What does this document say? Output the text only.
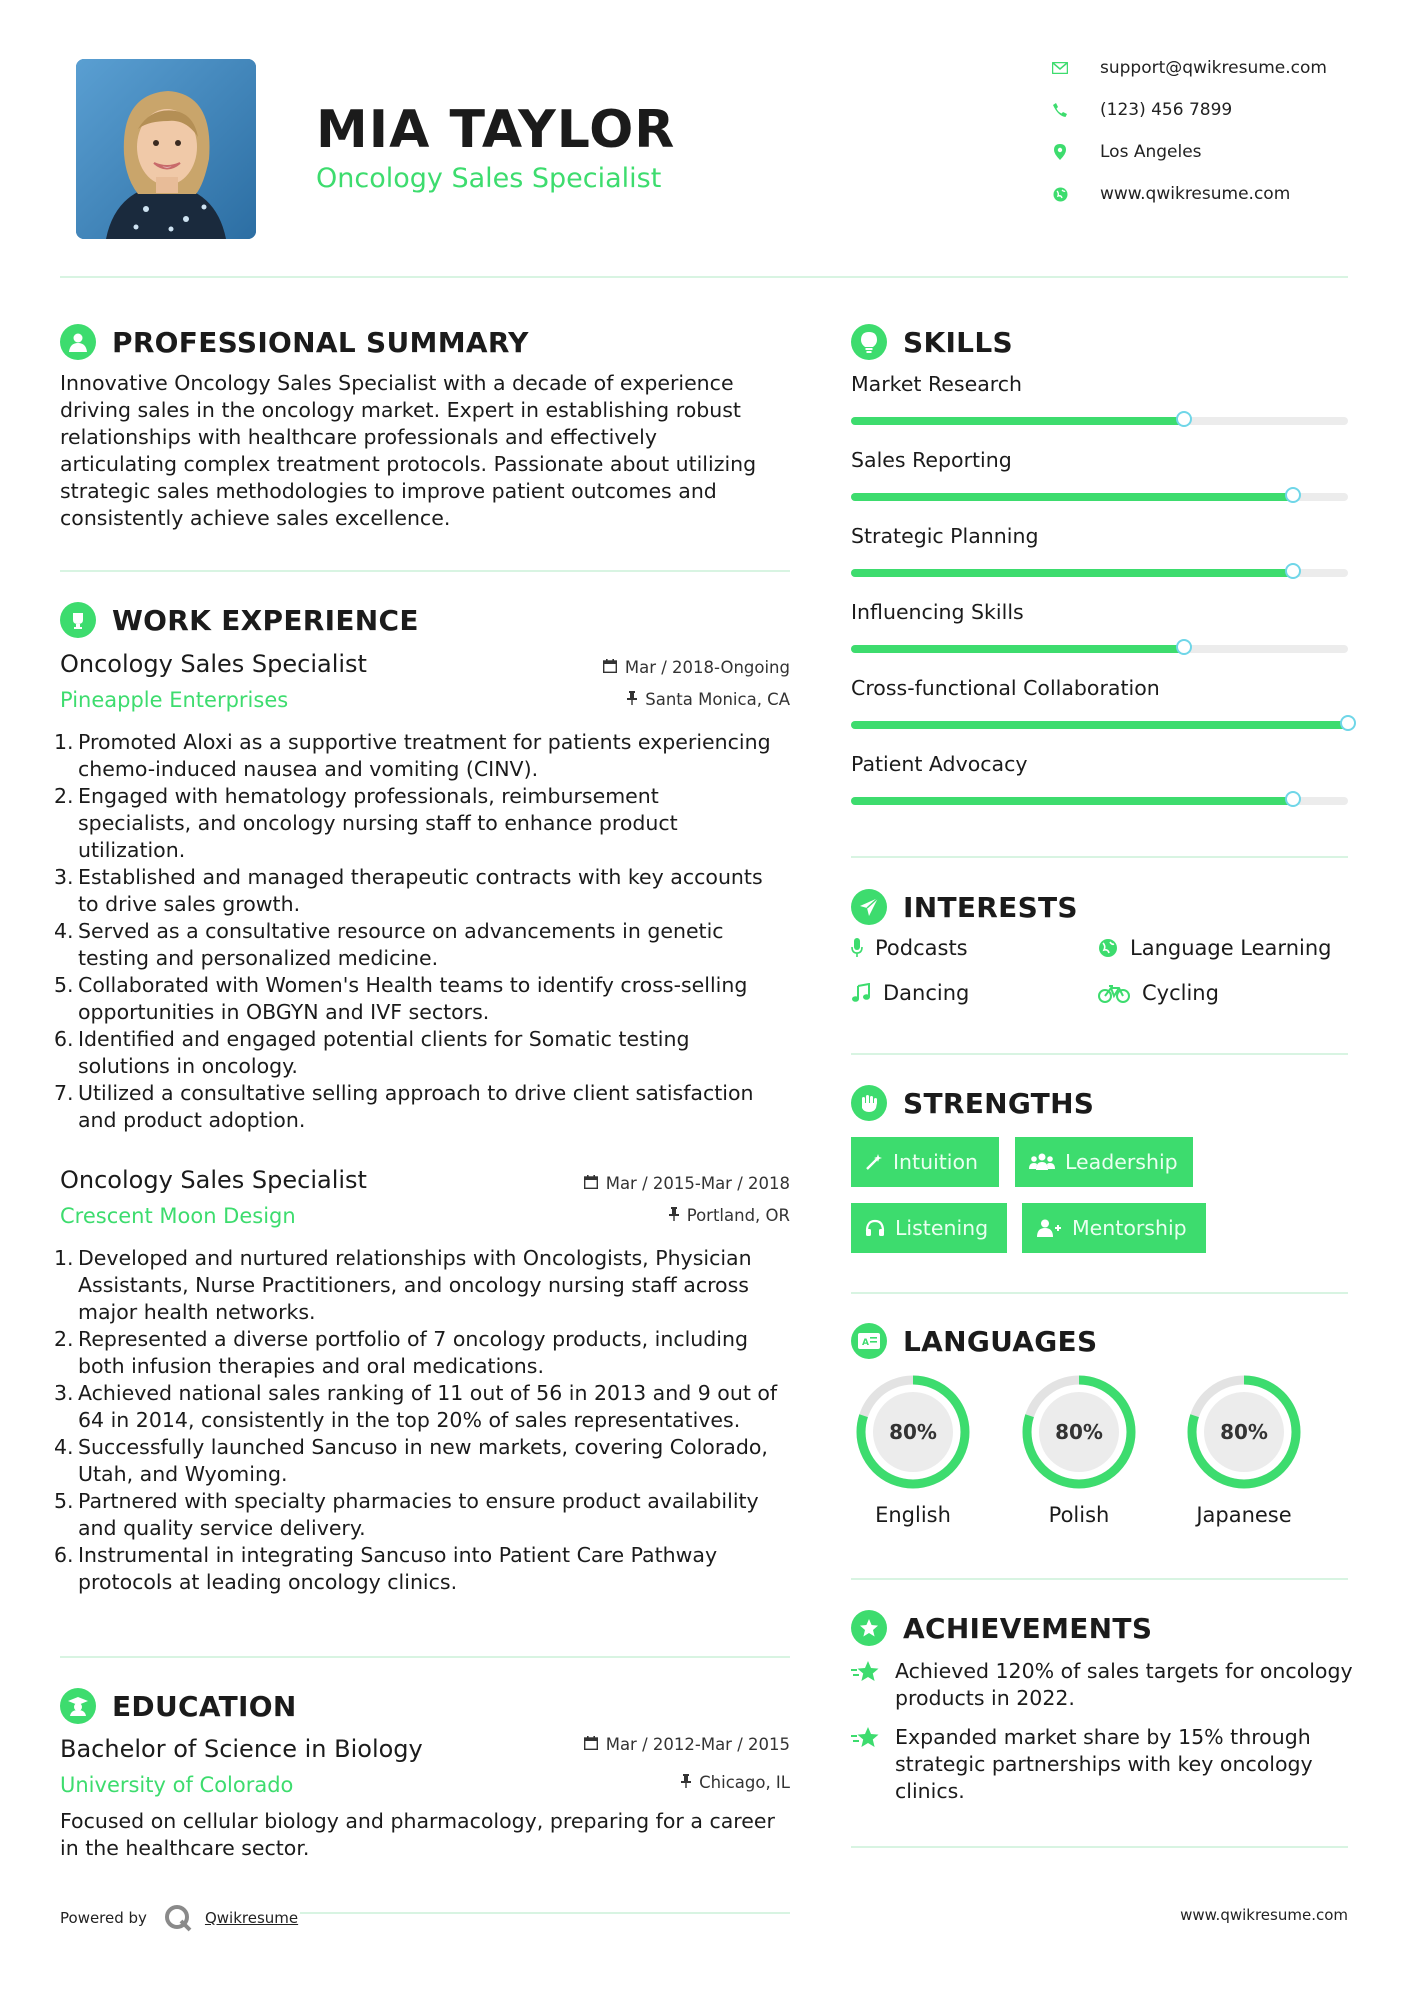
MIA TAYLOR
Oncology Sales Specialist
support@qwikresume.com
(123) 456 7899
Los Angeles
www.qwikresume.com
PROFESSIONAL SUMMARY
Innovative Oncology Sales Specialist with a decade of experience
driving sales in the oncology market. Expert in establishing robust
relationships with healthcare professionals and effectively
articulating complex treatment protocols. Passionate about utilizing
strategic sales methodologies to improve patient outcomes and
consistently achieve sales excellence.
WORK EXPERIENCE
Oncology Sales Specialist	Mar / 2018-Ongoing
Pineapple Enterprises	Santa Monica, CA
1. Promoted Aloxi as a supportive treatment for patients experiencing
chemo-induced nausea and vomiting (CINV).
2. Engaged with hematology professionals, reimbursement
specialists, and oncology nursing staff to enhance product
utilization.
3. Established and managed therapeutic contracts with key accounts
to drive sales growth.
4. Served as a consultative resource on advancements in genetic
testing and personalized medicine.
5. Collaborated with Women's Health teams to identify cross-selling
opportunities in OBGYN and IVF sectors.
6. Identified and engaged potential clients for Somatic testing
solutions in oncology.
7. Utilized a consultative selling approach to drive client satisfaction
and product adoption.
Oncology Sales Specialist	Mar / 2015-Mar / 2018
Crescent Moon Design	Portland, OR
1. Developed and nurtured relationships with Oncologists, Physician
Assistants, Nurse Practitioners, and oncology nursing staff across
major health networks.
2. Represented a diverse portfolio of 7 oncology products, including
both infusion therapies and oral medications.
3. Achieved national sales ranking of 11 out of 56 in 2013 and 9 out of
64 in 2014, consistently in the top 20% of sales representatives.
4. Successfully launched Sancuso in new markets, covering Colorado,
Utah, and Wyoming.
5. Partnered with specialty pharmacies to ensure product availability
and quality service delivery.
6. Instrumental in integrating Sancuso into Patient Care Pathway
protocols at leading oncology clinics.
EDUCATION
Bachelor of Science in Biology	Mar / 2012-Mar / 2015
University of Colorado	Chicago, IL
Focused on cellular biology and pharmacology, preparing for a career
in the healthcare sector.
Powered by	Qwikresume
SKILLS
Market Research
Sales Reporting
Strategic Planning
Influencing Skills
Cross-functional Collaboration
Patient Advocacy
INTERESTS
Podcasts	Language Learning
Dancing	Cycling
STRENGTHS
Intuition	Leadership
Listening	Mentorship
A LANGUAGES
80%
English
80%
Polish
80%
Japanese
ACHIEVEMENTS
Achieved 120% of sales targets for oncology
products in 2022.
Expanded market share by 15% through
strategic partnerships with key oncology
clinics.
www.qwikresume.com
